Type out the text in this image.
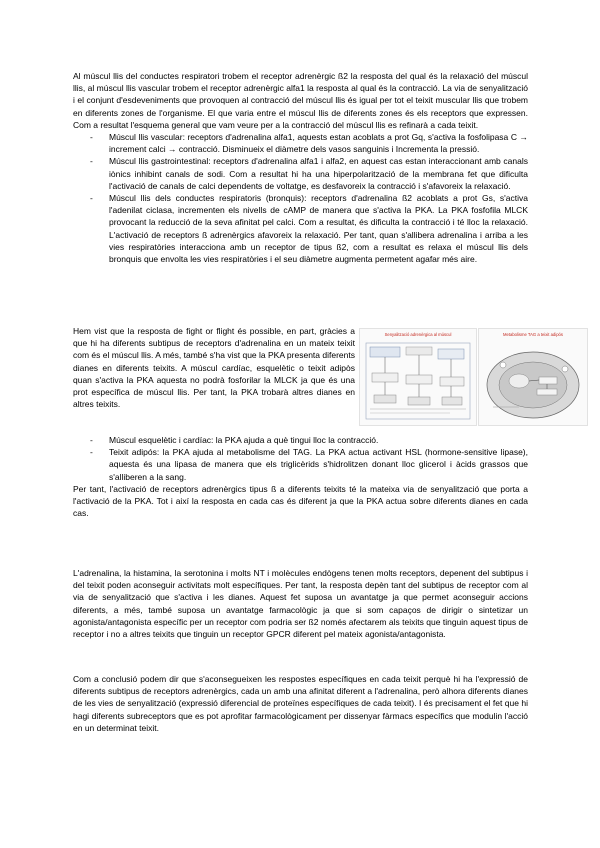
Al múscul llis del conductes respiratori trobem el receptor adrenèrgic ß2 la resposta del qual és la relaxació del múscul llis, al múscul llis vascular trobem el receptor adrenèrgic alfa1 la resposta al qual és la contracció. La via de senyalització i el conjunt d'esdeveniments que provoquen al contracció del múscul llis és igual per tot el teixit muscular llis que trobem en diferents zones de l'organisme. El que varia entre el múscul llis de diferents zones és els receptors que expressen. Com a resultat l'esquema general que vam veure per a la contracció del múscul llis es refinarà a cada teixit.

- Múscul llis vascular: receptors d'adrenalina alfa1, aquests estan acoblats a prot Gq, s'activa la fosfolipasa C → increment calci → contracció. Disminueix el diàmetre dels vasos sanguinis i Incrementa la pressió.
- Múscul llis gastrointestinal: receptors d'adrenalina alfa1 i alfa2, en aquest cas estan interaccionant amb canals iònics inhibint canals de sodi. Com a resultat hi ha una hiperpolarització de la membrana fet que dificulta l'activació de canals de calci dependents de voltatge, es desfavoreix la contracció i s'afavoreix la relaxació.
- Múscul llis dels conductes respiratoris (bronquis): receptors d'adrenalina ß2 acoblats a prot Gs, s'activa l'adenilat ciclasa, incrementen els nivells de cAMP de manera que s'activa la PKA. La PKA fosfofila MLCK provocant la reducció de la seva afinitat pel calci. Com a resultat, és dificulta la contracció i té lloc la relaxació. L'activació de receptors ß adrenèrgics afavoreix la relaxació. Per tant, quan s'allibera adrenalina i arriba a les vies respiratòries interacciona amb un receptor de tipus ß2, com a resultat es relaxa el múscul llis dels bronquis que envolta les vies respiratòries i el seu diàmetre augmenta permetent agafar més aire.

Hem vist que la resposta de fight or flight és possible, en part, gràcies a que hi ha diferents subtipus de receptors d'adrenalina en un mateix teixit com és el múscul llis. A més, també s'ha vist que la PKA presenta diferents dianes en diferents teixits. A múscul cardíac, esquelètic o teixit adipòs quan s'activa la PKA aquesta no podrà fosforilar la MLCK ja que és una prot específica de múscul llis. Per tant, la PKA trobarà altres dianes en altres teixits.

Senyalització adrenèrgica al múscul	Metabolisme TAG a teixit adipós
- Múscul esquelètic i cardíac: la PKA ajuda a què tingui lloc la contracció.
- Teixit adipós: la PKA ajuda al metabolisme del TAG. La PKA actua activant HSL (hormone-sensitive lipase), aquesta és una lipasa de manera que els triglicèrids s'hidrolitzen donant lloc glicerol i àcids grassos que s'alliberen a la sang.

Per tant, l'activació de receptors adrenèrgics tipus ß a diferents teixits té la mateixa via de senyalització que porta a l'activació de la PKA. Tot i així la resposta en cada cas és diferent ja que la PKA actua sobre diferents dianes en cada cas.

L'adrenalina, la histamina, la serotonina i molts NT i molècules endògens tenen molts receptors, depenent del subtipus i del teixit poden aconseguir activitats molt específiques. Per tant, la resposta depèn tant del subtipus de receptor com al via de senyalització que s'activa i les dianes. Aquest fet suposa un avantatge ja que permet aconseguir accions diferents, a més, també suposa un avantatge farmacològic ja que si som capaços de dirigir o sintetizar un agonista/antagonista específic per un receptor com podria ser ß2 només afectarem als teixits que tinguin aquest tipus de receptor i no a altres teixits que tinguin un receptor GPCR diferent pel mateix agonista/antagonista.

Com a conclusió podem dir que s'aconsegueixen les respostes específiques en cada teixit perquè hi ha l'expressió de diferents subtipus de receptors adrenèrgics, cada un amb una afinitat diferent a l'adrenalina, però alhora diferents dianes de les vies de senyalització (expressió diferencial de proteïnes específiques de cada teixit). I és precisament el fet que hi hagi diferents subreceptors que es pot aprofitar farmacològicament per dissenyar fàrmacs específics que modulin l'acció en un determinat teixit.
